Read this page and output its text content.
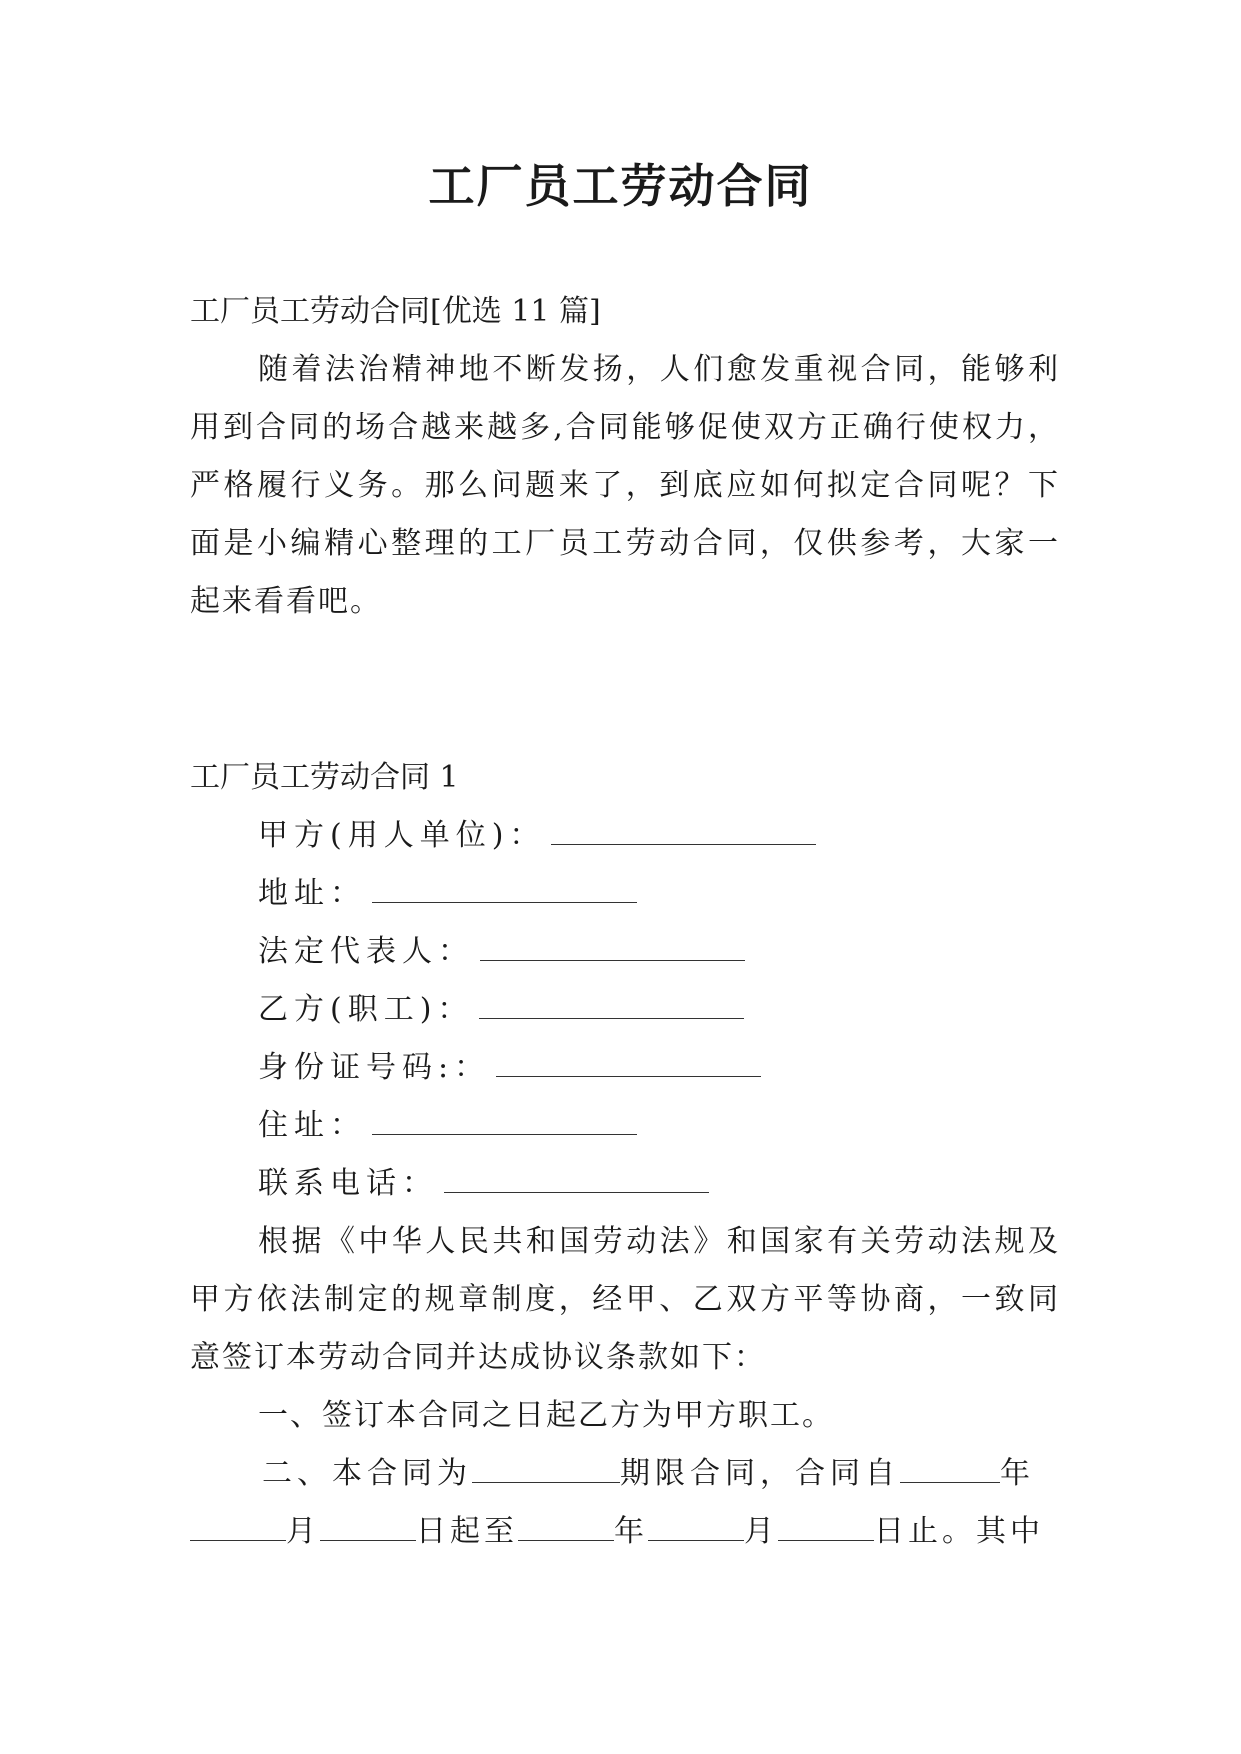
工厂员工劳动合同
工厂员工劳动合同[优选 11 篇]
随着法治精神地不断发扬，人们愈发重视合同，能够利
用到合同的场合越来越多,合同能够促使双方正确行使权力，
严格履行义务。那么问题来了，到底应如何拟定合同呢？下
面是小编精心整理的工厂员工劳动合同，仅供参考，大家一
起来看看吧。
工厂员工劳动合同 1
甲方(用人单位)：
地址：
法定代表人：
乙方(职工)：
身份证号码:：
住址：
联系电话：
根据《中华人民共和国劳动法》和国家有关劳动法规及
甲方依法制定的规章制度，经甲、乙双方平等协商，一致同
意签订本劳动合同并达成协议条款如下：
一、签订本合同之日起乙方为甲方职工。
二、本合同为	期限合同，合同自	年
月	日起至	年	月	日止。其中
